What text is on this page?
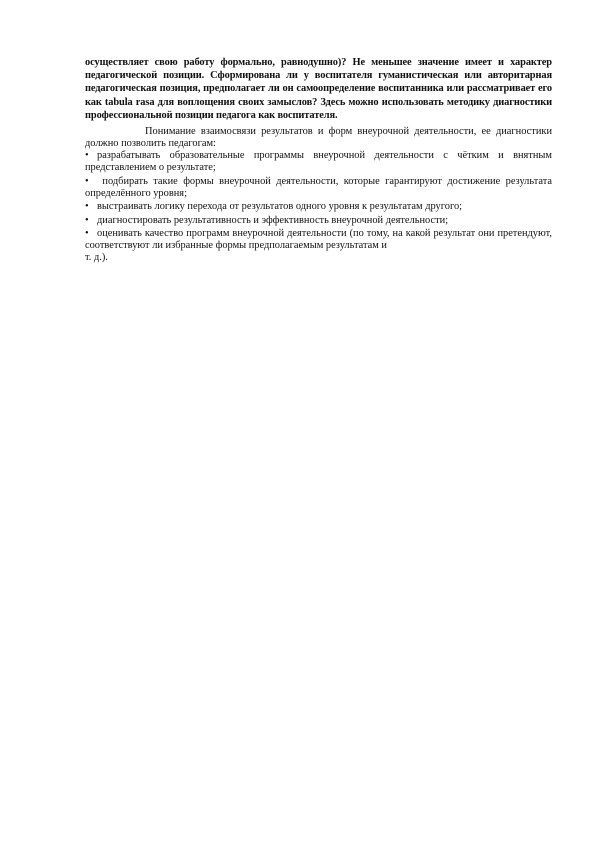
осуществляет свою работу формально, равнодушно)? Не меньшее значение имеет и характер педагогической позиции. Сформирована ли у воспитателя гуманистическая или авторитарная педагогическая позиция, предполагает ли он самоопределение воспитанника или рассматривает его как tabula rasa для воплощения своих замыслов? Здесь можно использовать методику диагностики профессиональной позиции педагога как воспитателя.

Понимание взаимосвязи результатов и форм внеурочной деятельности, ее диагностики должно позволить педагогам:

• разрабатывать образовательные программы внеурочной деятельности с чётким и внятным представлением о результате;
• подбирать такие формы внеурочной деятельности, которые гарантируют достижение результата определённого уровня;
• выстраивать логику перехода от результатов одного уровня к результатам другого;
• диагностировать результативность и эффективность внеурочной деятельности;
• оценивать качество программ внеурочной деятельности (по тому, на какой результат они претендуют, соответствуют ли избранные формы предполагаемым результатам и

т. д.).
